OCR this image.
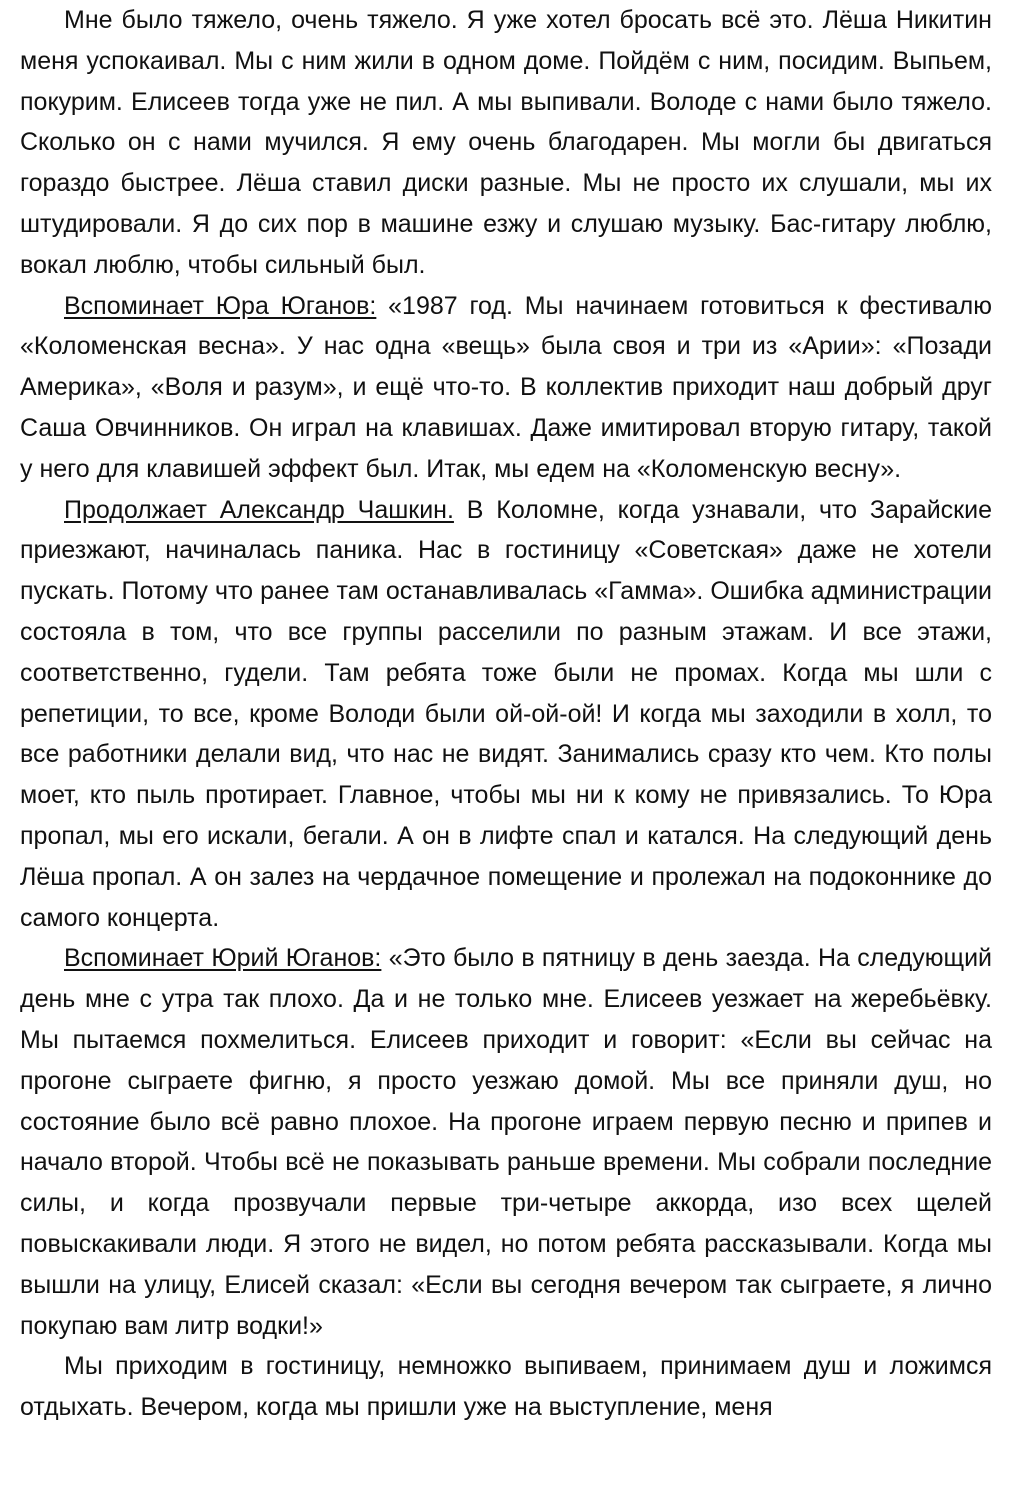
Мне было тяжело, очень тяжело. Я уже хотел бросать всё это. Лёша Никитин меня успокаивал. Мы с ним жили в одном доме. Пойдём с ним, посидим. Выпьем, покурим. Елисеев тогда уже не пил. А мы выпивали. Володе с нами было тяжело. Сколько он с нами мучился. Я ему очень благодарен. Мы могли бы двигаться гораздо быстрее. Лёша ставил диски разные. Мы не просто их слушали, мы их штудировали. Я до сих пор в машине езжу и слушаю музыку. Бас-гитару люблю, вокал люблю, чтобы сильный был.

Вспоминает Юра Юганов: «1987 год. Мы начинаем готовиться к фестивалю «Коломенская весна». У нас одна «вещь» была своя и три из «Арии»: «Позади Америка», «Воля и разум», и ещё что-то. В коллектив приходит наш добрый друг Саша Овчинников. Он играл на клавишах. Даже имитировал вторую гитару, такой у него для клавишей эффект был. Итак, мы едем на «Коломенскую весну».

Продолжает Александр Чашкин. В Коломне, когда узнавали, что Зарайские приезжают, начиналась паника. Нас в гостиницу «Советская» даже не хотели пускать. Потому что ранее там останавливалась «Гамма». Ошибка администрации состояла в том, что все группы расселили по разным этажам. И все этажи, соответственно, гудели. Там ребята тоже были не промах. Когда мы шли с репетиции, то все, кроме Володи были ой-ой-ой! И когда мы заходили в холл, то все работники делали вид, что нас не видят. Занимались сразу кто чем. Кто полы моет, кто пыль протирает. Главное, чтобы мы ни к кому не привязались. То Юра пропал, мы его искали, бегали. А он в лифте спал и катался. На следующий день Лёша пропал. А он залез на чердачное помещение и пролежал на подоконнике до самого концерта.

Вспоминает Юрий Юганов: «Это было в пятницу в день заезда. На следующий день мне с утра так плохо. Да и не только мне. Елисеев уезжает на жеребьёвку. Мы пытаемся похмелиться. Елисеев приходит и говорит: «Если вы сейчас на прогоне сыграете фигню, я просто уезжаю домой. Мы все приняли душ, но состояние было всё равно плохое. На прогоне играем первую песню и припев и начало второй. Чтобы всё не показывать раньше времени. Мы собрали последние силы, и когда прозвучали первые три-четыре аккорда, изо всех щелей повыскакивали люди. Я этого не видел, но потом ребята рассказывали. Когда мы вышли на улицу, Елисей сказал: «Если вы сегодня вечером так сыграете, я лично покупаю вам литр водки!»

Мы приходим в гостиницу, немножко выпиваем, принимаем душ и ложимся отдыхать. Вечером, когда мы пришли уже на выступление, меня
